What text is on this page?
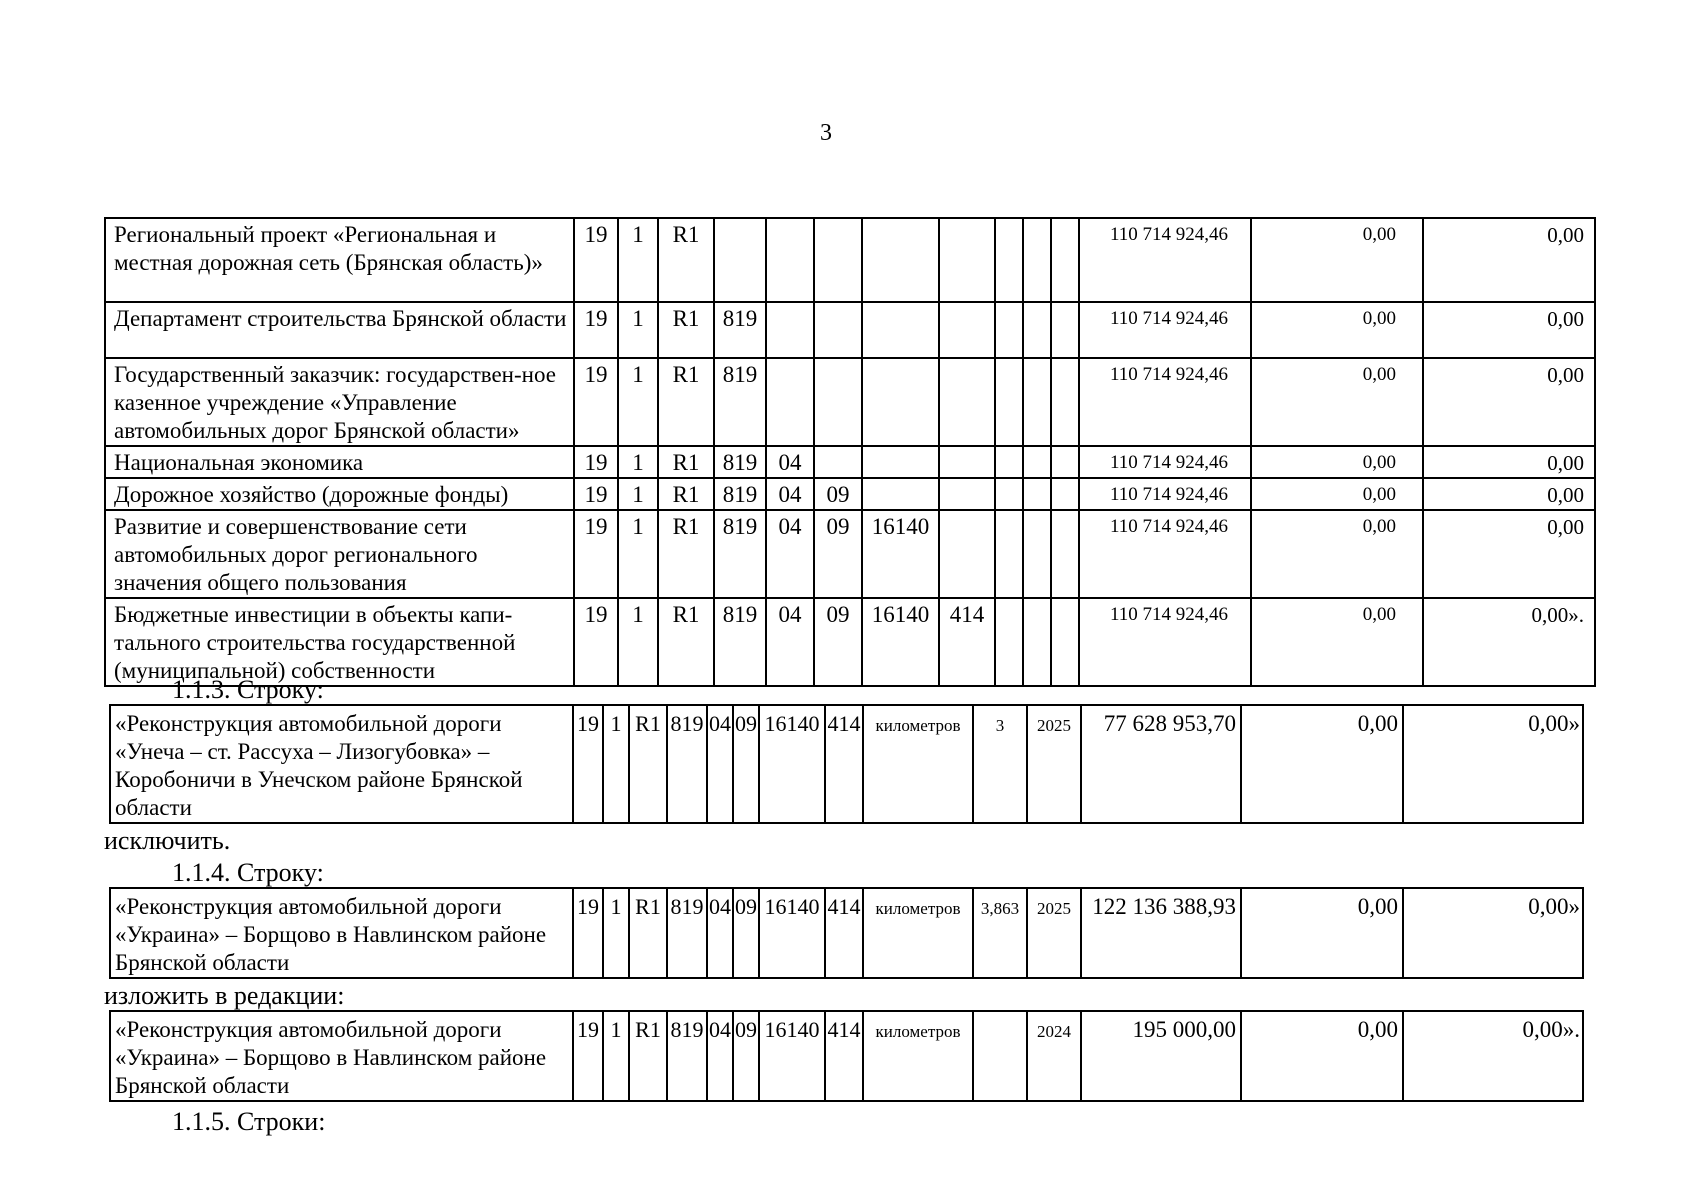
3
Региональный проект «Региональная и местная дорожная сеть (Брянская область)»	19	1	R1									110 714 924,46	0,00	0,00
Департамент строительства Брянской области	19	1	R1	819								110 714 924,46	0,00	0,00
Государственный заказчик: государствен-ное казенное учреждение «Управление автомобильных дорог Брянской области»	19	1	R1	819								110 714 924,46	0,00	0,00
Национальная экономика	19	1	R1	819	04							110 714 924,46	0,00	0,00
Дорожное хозяйство (дорожные фонды)	19	1	R1	819	04	09						110 714 924,46	0,00	0,00
Развитие и совершенствование сети автомобильных дорог регионального значения общего пользования	19	1	R1	819	04	09	16140					110 714 924,46	0,00	0,00
Бюджетные инвестиции в объекты капи-тального строительства государственной (муниципальной) собственности	19	1	R1	819	04	09	16140	414				110 714 924,46	0,00	0,00».
1.1.3. Строку:
«Реконструкция автомобильной дороги «Унеча – ст. Рассуха – Лизогубовка» – Коробоничи в Унечском районе Брянской области	19	1	R1	819	04	09	16140	414	километров	3	2025	77 628 953,70	0,00	0,00»
исключить.
1.1.4. Строку:
«Реконструкция автомобильной дороги «Украина» – Борщово в Навлинском районе Брянской области	19	1	R1	819	04	09	16140	414	километров	3,863	2025	122 136 388,93	0,00	0,00»
изложить в редакции:
«Реконструкция автомобильной дороги «Украина» – Борщово в Навлинском районе Брянской области	19	1	R1	819	04	09	16140	414	километров		2024	195 000,00	0,00	0,00».
1.1.5. Строки:
